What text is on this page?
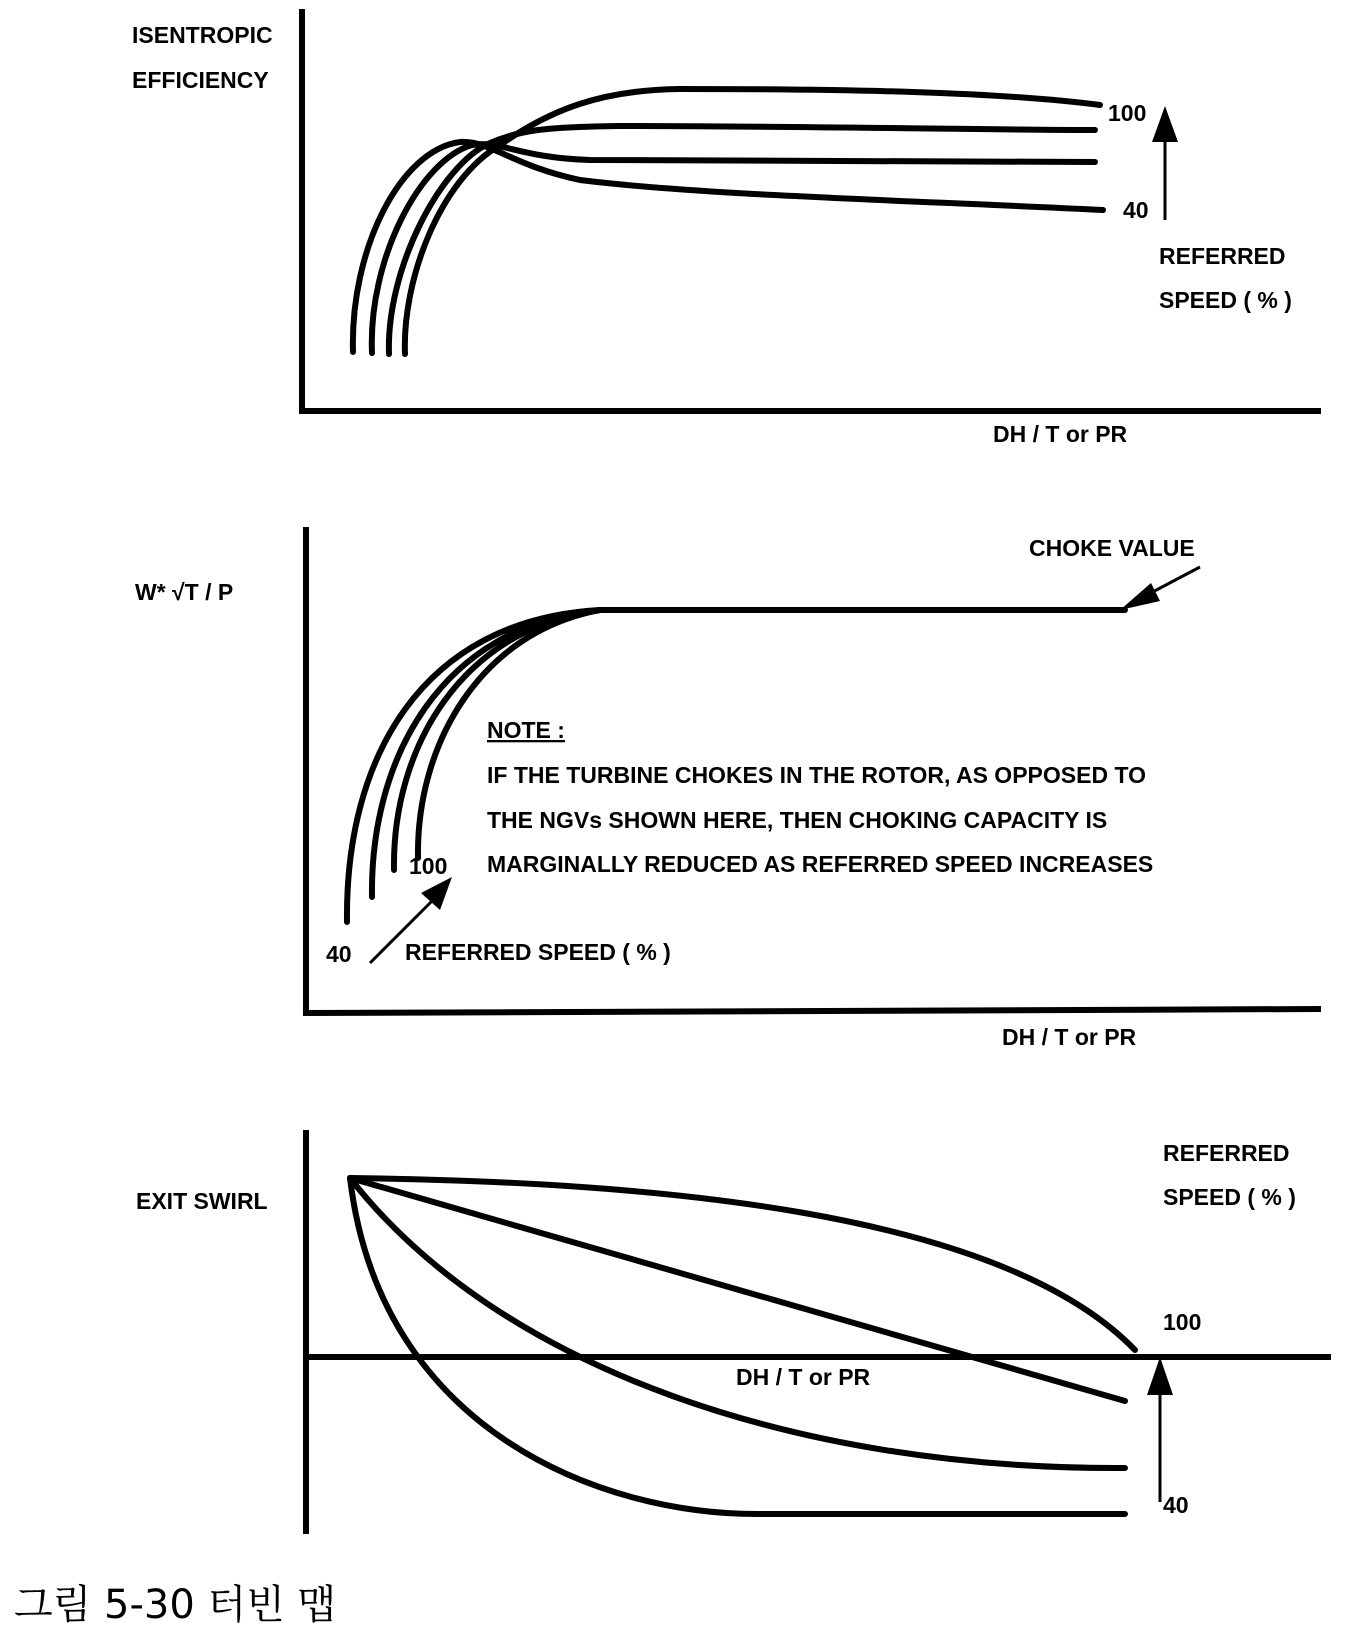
ISENTROPIC
EFFICIENCY
100
40
REFERRED
SPEED ( % )
DH / T or PR
W* √T / P
CHOKE VALUE
NOTE :
IF THE TURBINE CHOKES IN THE ROTOR, AS OPPOSED TO
THE NGVs SHOWN HERE, THEN CHOKING CAPACITY IS
MARGINALLY REDUCED AS REFERRED SPEED INCREASES
100
40 REFERRED SPEED ( % )
DH / T or PR
EXIT SWIRL
REFERRED
SPEED ( % )
100
40
DH / T or PR
그림 5-30 터빈 맵
